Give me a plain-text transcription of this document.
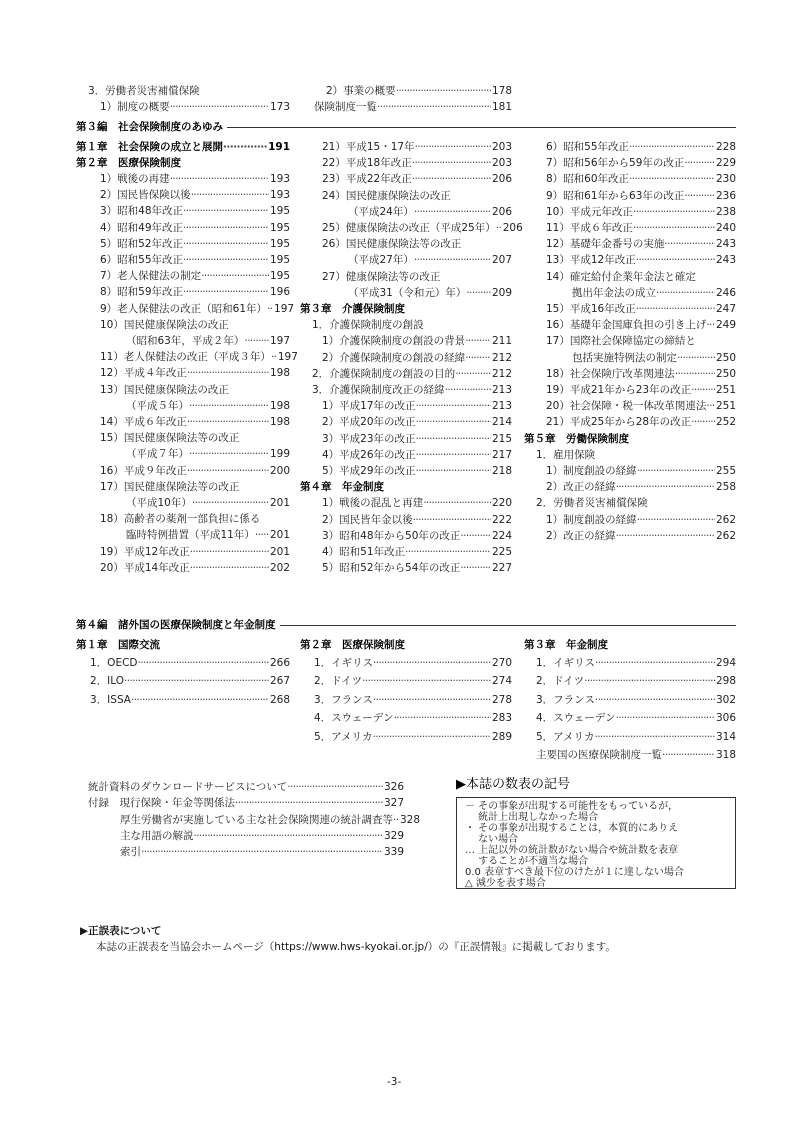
3．労働者災害補償保険
1）制度の概要 ·····	173
2）事業の概要 ·····	178
保険制度一覧 ·····	181
第３編　社会保険制度のあゆみ
第１章　社会保険の成立と展開 ·····	191
第２章　医療保険制度
1）戦後の再建 ·····	193
2）国民皆保険以後 ·····	193
3）昭和48年改正 ·····	195
4）昭和49年改正 ·····	195
5）昭和52年改正 ·····	195
6）昭和55年改正 ·····	195
7）老人保健法の制定 ·····	195
8）昭和59年改正 ·····	196
9）老人保健法の改正（昭和61年） ····· 197
10）国民健康保険法の改正
（昭和63年，平成２年） ····· 197
11）老人保健法の改正（平成３年） ····· 197
12）平成４年改正 ·····	198
13）国民健康保険法の改正
（平成５年） ·····	198
14）平成６年改正 ·····	198
15）国民健康保険法等の改正
（平成７年） ·····	199
16）平成９年改正 ·····	200
17）国民健康保険法等の改正
（平成10年） ·····	201
18）高齢者の薬剤一部負担に係る
臨時特例措置（平成11年） ····· 201
19）平成12年改正 ·····	201
20）平成14年改正 ·····	202
21）平成15・17年 ·····	203
22）平成18年改正 ·····	203
23）平成22年改正 ·····	206
24）国民健康保険法の改正
（平成24年） ·····	206
25）健康保険法の改正（平成25年） ····· 206
26）国民健康保険法等の改正
（平成27年） ·····	207
27）健康保険法等の改正
（平成31（令和元）年） ····· 209
第３章　介護保険制度
1．介護保険制度の創設
1）介護保険制度の創設の背景 ·····	211
2）介護保険制度の創設の経緯 ·····	212
2．介護保険制度の創設の目的 ·····	212
3．介護保険制度改正の経緯 ·····	213
1）平成17年の改正 ·····	213
2）平成20年の改正 ·····	214
3）平成23年の改正 ·····	215
4）平成26年の改正 ·····	217
5）平成29年の改正 ·····	218
第４章　年金制度
1）戦後の混乱と再建 ·····	220
2）国民皆年金以後 ·····	222
3）昭和48年から50年の改正 ·····	224
4）昭和51年改正 ·····	225
5）昭和52年から54年の改正 ·····	227
6）昭和55年改正 ·····	228
7）昭和56年から59年の改正 ·····	229
8）昭和60年改正 ·····	230
9）昭和61年から63年の改正 ·····	236
10）平成元年改正 ·····	238
11）平成６年改正 ·····	240
12）基礎年金番号の実施 ·····	243
13）平成12年改正 ·····	243
14）確定給付企業年金法と確定
拠出年金法の成立 ·····	246
15）平成16年改正 ·····	247
16）基礎年金国庫負担の引き上げ ····· 249
17）国際社会保障協定の締結と
包括実施特例法の制定 ·····	250
18）社会保険庁改革関連法 ·····	250
19）平成21年から23年の改正 ····· 251
20）社会保障・税一体改革関連法 ····· 251
21）平成25年から28年の改正 ····· 252
第５章　労働保険制度
1．雇用保険
1）制度創設の経緯 ·····	255
2）改正の経緯 ·····	258
2．労働者災害補償保険
1）制度創設の経緯 ·····	262
2）改正の経緯 ·····	262
第４編　諸外国の医療保険制度と年金制度
第１章　国際交流
1．OECD ·····	266
2．ILO ·····	267
3．ISSA ·····	268
第２章　医療保険制度
1．イギリス ·····	270
2．ドイツ ·····	274
3．フランス ·····	278
4．スウェーデン ·····	283
5．アメリカ ·····	289
第３章　年金制度
1．イギリス ·····	294
2．ドイツ ·····	298
3．フランス ·····	302
4．スウェーデン ·····	306
5．アメリカ ·····	314
主要国の医療保険制度一覧 ·····	318
統計資料のダウンロードサービスについて ·····	326
付録　現行保険・年金等関係法 ·····	327
厚生労働省が実施している主な社会保険関連の統計調査等 ····· 328
主な用語の解説 ·····	329
索引 ·····	339
▶本誌の数表の記号
－ その事象が出現する可能性をもっているが，
　 統計上出現しなかった場合
・ その事象が出現することは，本質的にありえ
　 ない場合
… 上記以外の統計数がない場合や統計数を表章
　 することが不適当な場合
0.0 表章すべき最下位のけたが１に達しない場合
△ 減少を表す場合
▶正誤表について
本誌の正誤表を当協会ホームページ（https://www.hws-kyokai.or.jp/）の『正誤情報』に掲載しております。
-3-
